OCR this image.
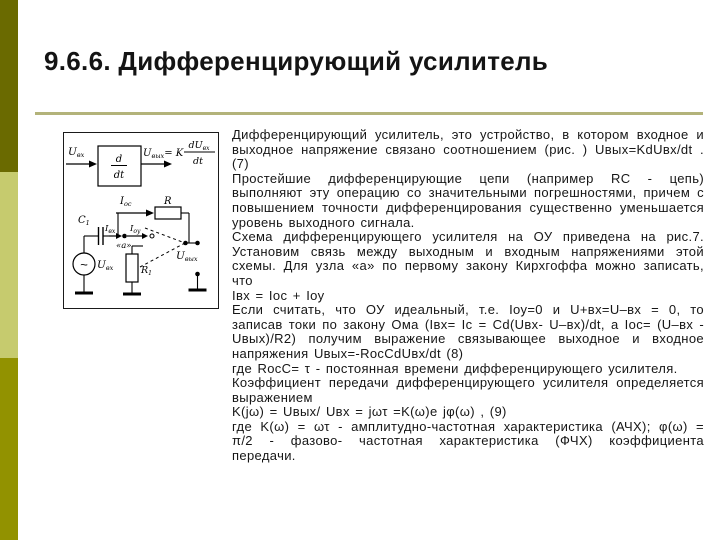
9.6.6. Дифференцирующий усилитель
Uвх	d
dt
$U_{вых}= K$
$dU_{вх}$
dt
$I_{ос}$	R
$C_1$
$I_{вх}$
«а»
$I_{оу}$
~ Uвх	$R_1$
Uвых

Дифференцирующий усилитель, это устройство, в котором входное и выходное напряжение связано соотношением (рис. ) Uвых=KdUвх/dt . (7)

Простейшие дифференцирующие цепи (например RC - цепь) выполняют эту операцию со значительными погрешностями, причем с повышением точности дифференцирования существенно уменьшается уровень выходного сигнала.

Схема дифференцирующего усилителя на ОУ приведена на рис.7. Установим связь между выходным и входным напряжениями этой схемы. Для узла «а» по первому закону Кирхгоффа можно записать, что

Iвх = Iос + Iоу

Если считать, что ОУ идеальный, т.е. Iоу=0 и U+вх=U–вх = 0, то записав токи по закону Ома (Iвх= Iс = Cd(Uвх- U–вх)/dt, а Iос= (U–вх - Uвых)/R2) получим выражение связывающее выходное и входное напряжения Uвых=-RосCdUвх/dt (8)

где RосС= τ - постоянная времени дифференцирующего усилителя.

Коэффициент передачи дифференцирующего усилителя определяется выражением

K(jω) = Uвых/ Uвх = jωτ =K(ω)e jφ(ω) , (9)

где K(ω) = ωτ - амплитудно-частотная характеристика (АЧХ); φ(ω) = π/2 - фазово- частотная характеристика (ФЧХ) коэффициента передачи.
